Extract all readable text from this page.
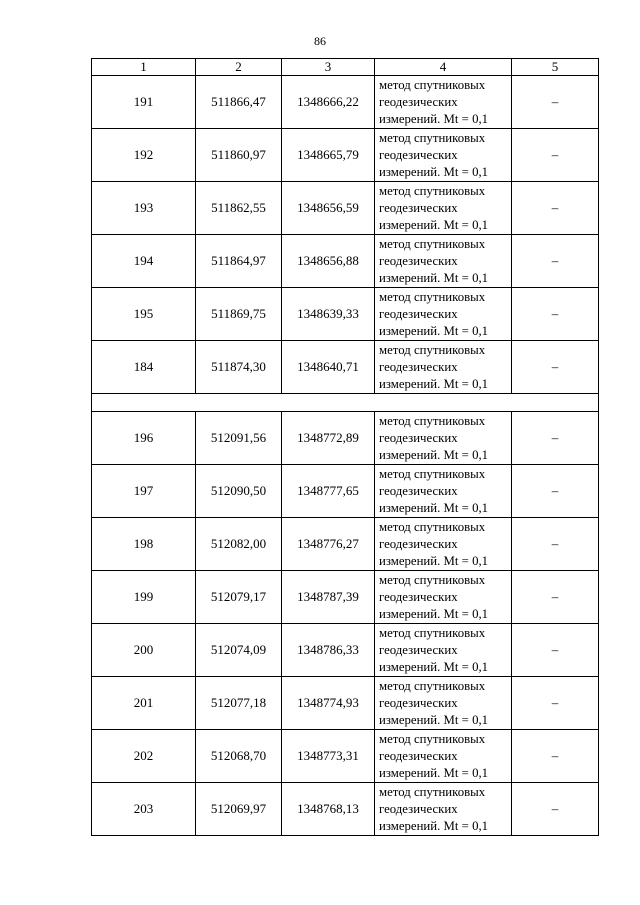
86
1	2	3	4	5
191	511866,47	1348666,22	метод спутниковых
геодезических
измерений. Mt = 0,1	–
192	511860,97	1348665,79	метод спутниковых
геодезических
измерений. Mt = 0,1	–
193	511862,55	1348656,59	метод спутниковых
геодезических
измерений. Mt = 0,1	–
194	511864,97	1348656,88	метод спутниковых
геодезических
измерений. Mt = 0,1	–
195	511869,75	1348639,33	метод спутниковых
геодезических
измерений. Mt = 0,1	–
184	511874,30	1348640,71	метод спутниковых
геодезических
измерений. Mt = 0,1	–

196	512091,56	1348772,89	метод спутниковых
геодезических
измерений. Mt = 0,1	–
197	512090,50	1348777,65	метод спутниковых
геодезических
измерений. Mt = 0,1	–
198	512082,00	1348776,27	метод спутниковых
геодезических
измерений. Mt = 0,1	–
199	512079,17	1348787,39	метод спутниковых
геодезических
измерений. Mt = 0,1	–
200	512074,09	1348786,33	метод спутниковых
геодезических
измерений. Mt = 0,1	–
201	512077,18	1348774,93	метод спутниковых
геодезических
измерений. Mt = 0,1	–
202	512068,70	1348773,31	метод спутниковых
геодезических
измерений. Mt = 0,1	–
203	512069,97	1348768,13	метод спутниковых
геодезических
измерений. Mt = 0,1	–
